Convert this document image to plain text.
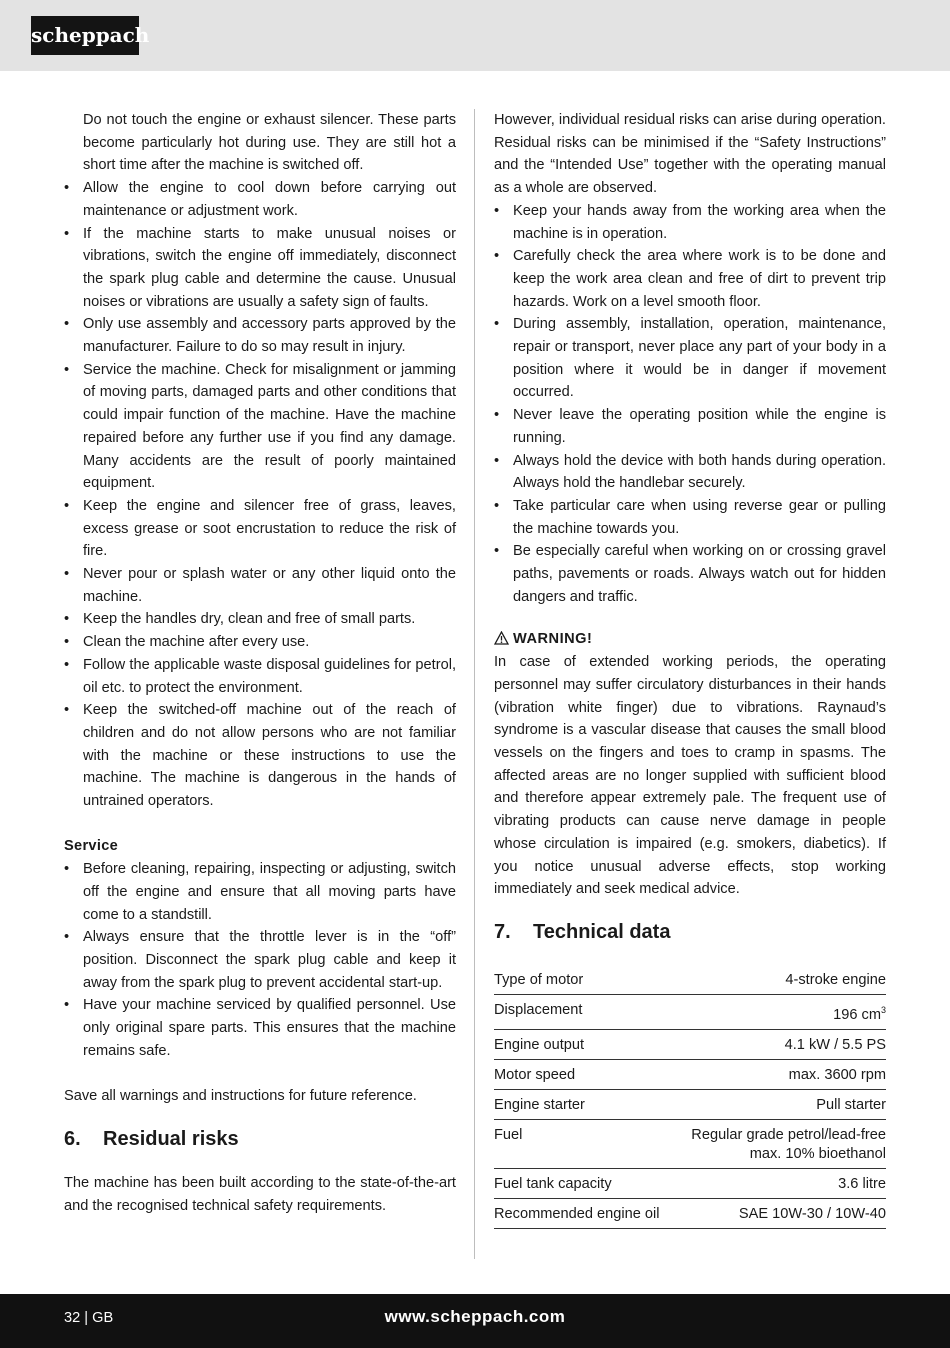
scheppach

Do not touch the engine or exhaust silencer. These parts become particularly hot during use. They are still hot a short time after the machine is switched off.

• Allow the engine to cool down before carrying out maintenance or adjustment work.
• If the machine starts to make unusual noises or vibrations, switch the engine off immediately, disconnect the spark plug cable and determine the cause. Unusual noises or vibrations are usually a safety sign of faults.
• Only use assembly and accessory parts approved by the manufacturer. Failure to do so may result in injury.
• Service the machine. Check for misalignment or jamming of moving parts, damaged parts and other conditions that could impair function of the machine. Have the machine repaired before any further use if you find any damage. Many accidents are the result of poorly maintained equipment.
• Keep the engine and silencer free of grass, leaves, excess grease or soot encrustation to reduce the risk of fire.
• Never pour or splash water or any other liquid onto the machine.
• Keep the handles dry, clean and free of small parts.
• Clean the machine after every use.
• Follow the applicable waste disposal guidelines for petrol, oil etc. to protect the environment.
• Keep the switched-off machine out of the reach of children and do not allow persons who are not familiar with the machine or these instructions to use the machine. The machine is dangerous in the hands of untrained operators.
Service
• Before cleaning, repairing, inspecting or adjusting, switch off the engine and ensure that all moving parts have come to a standstill.
• Always ensure that the throttle lever is in the “off” position. Disconnect the spark plug cable and keep it away from the spark plug to prevent accidental start-up.
• Have your machine serviced by qualified personnel. Use only original spare parts. This ensures that the machine remains safe.

Save all warnings and instructions for future reference.

6. Residual risks

The machine has been built according to the state-of-the-art and the recognised technical safety requirements.

However, individual residual risks can arise during operation. Residual risks can be minimised if the “Safety Instructions” and the “Intended Use” together with the operating manual as a whole are observed.

• Keep your hands away from the working area when the machine is in operation.
• Carefully check the area where work is to be done and keep the work area clean and free of dirt to prevent trip hazards. Work on a level smooth floor.
• During assembly, installation, operation, maintenance, repair or transport, never place any part of your body in a position where it would be in danger if movement occurred.
• Never leave the operating position while the engine is running.
• Always hold the device with both hands during operation. Always hold the handlebar securely.
• Take particular care when using reverse gear or pulling the machine towards you.
• Be especially careful when working on or crossing gravel paths, pavements or roads. Always watch out for hidden dangers and traffic.
WARNING!

In case of extended working periods, the operating personnel may suffer circulatory disturbances in their hands (vibration white finger) due to vibrations. Raynaud’s syndrome is a vascular disease that causes the small blood vessels on the fingers and toes to cramp in spasms. The affected areas are no longer supplied with sufficient blood and therefore appear extremely pale. The frequent use of vibrating products can cause nerve damage in people whose circulation is impaired (e.g. smokers, diabetics). If you notice unusual adverse effects, stop working immediately and seek medical advice.

7. Technical data
Type of motor	4-stroke engine
Displacement	196 $cm^3$
Engine output	4.1 kW / 5.5 PS
Motor speed	max. 3600 rpm
Engine starter	Pull starter
Fuel	Regular grade petrol/lead-free max. 10% bioethanol
Fuel tank capacity	3.6 litre
Recommended engine oil	SAE 10W-30 / 10W-40
32 | GB	www.scheppach.com
